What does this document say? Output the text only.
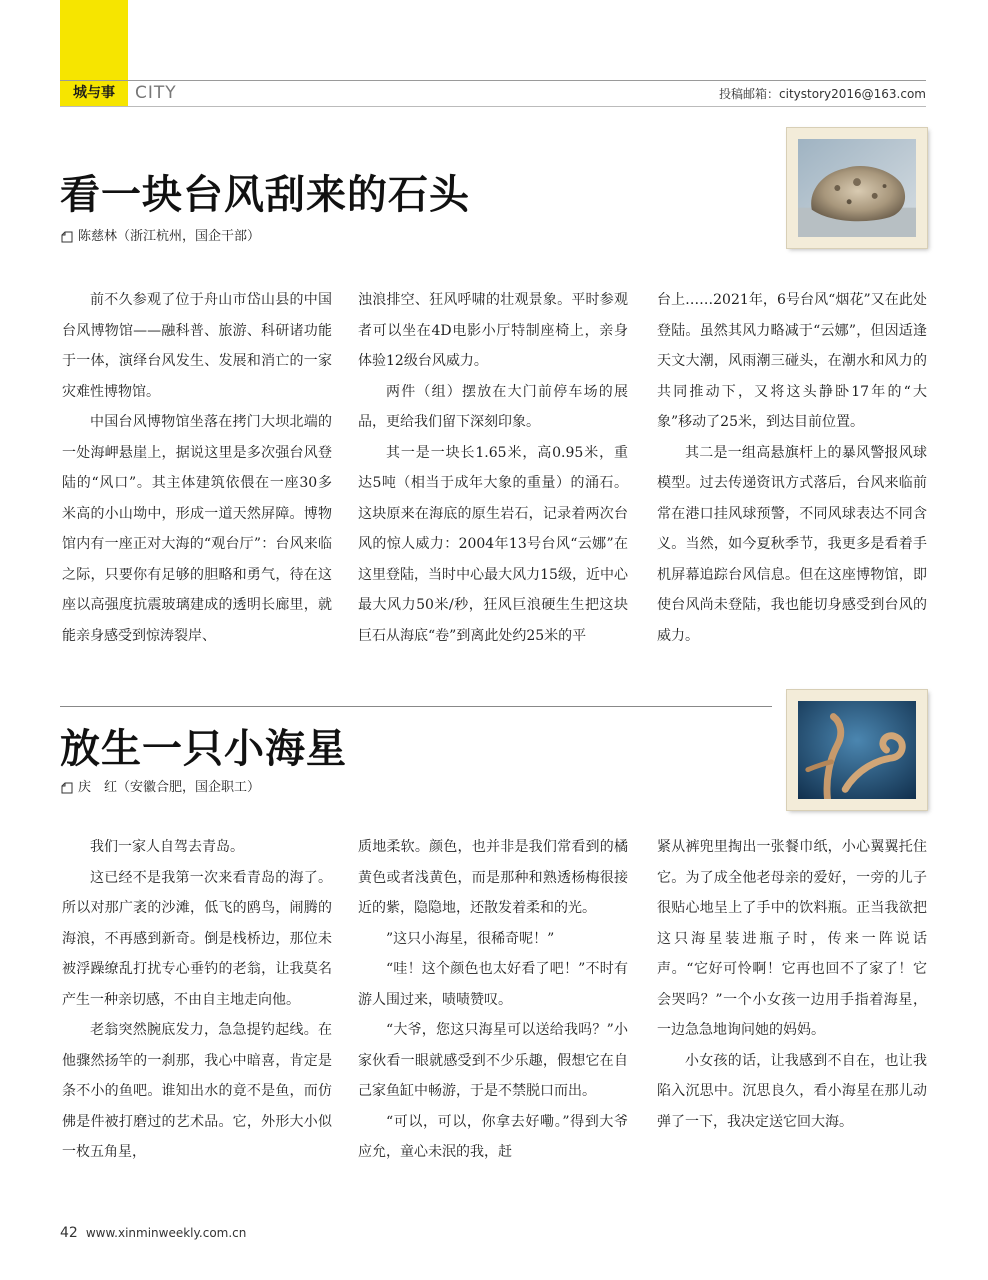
城与事	CITY	投稿邮箱：citystory2016@163.com
看一块台风刮来的石头
陈慈林（浙江杭州，国企干部）

前不久参观了位于舟山市岱山县的中国台风博物馆——融科普、旅游、科研诸功能于一体，演绎台风发生、发展和消亡的一家灾难性博物馆。

中国台风博物馆坐落在拷门大坝北端的一处海岬悬崖上，据说这里是多次强台风登陆的“风口”。其主体建筑依偎在一座30多米高的小山坳中，形成一道天然屏障。博物馆内有一座正对大海的“观台厅”：台风来临之际，只要你有足够的胆略和勇气，待在这座以高强度抗震玻璃建成的透明长廊里，就能亲身感受到惊涛裂岸、

浊浪排空、狂风呼啸的壮观景象。平时参观者可以坐在4D电影小厅特制座椅上，亲身体验12级台风威力。

两件（组）摆放在大门前停车场的展品，更给我们留下深刻印象。

其一是一块长1.65米，高0.95米，重达5吨（相当于成年大象的重量）的涌石。这块原来在海底的原生岩石，记录着两次台风的惊人威力：2004年13号台风“云娜”在这里登陆，当时中心最大风力15级，近中心最大风力50米/秒，狂风巨浪硬生生把这块巨石从海底“卷”到离此处约25米的平

台上……2021年，6号台风“烟花”又在此处登陆。虽然其风力略减于“云娜”，但因适逢天文大潮，风雨潮三碰头，在潮水和风力的共同推动下，又将这头静卧17年的“大象”移动了25米，到达目前位置。

其二是一组高悬旗杆上的暴风警报风球模型。过去传递资讯方式落后，台风来临前常在港口挂风球预警，不同风球表达不同含义。当然，如今夏秋季节，我更多是看着手机屏幕追踪台风信息。但在这座博物馆，即使台风尚未登陆，我也能切身感受到台风的威力。

放生一只小海星
庆　红（安徽合肥，国企职工）

我们一家人自驾去青岛。

这已经不是我第一次来看青岛的海了。所以对那广袤的沙滩，低飞的鸥鸟，闹腾的海浪，不再感到新奇。倒是栈桥边，那位未被浮躁缭乱打扰专心垂钓的老翁，让我莫名产生一种亲切感，不由自主地走向他。

老翁突然腕底发力，急急提钓起线。在他骤然扬竿的一刹那，我心中暗喜，肯定是条不小的鱼吧。谁知出水的竟不是鱼，而仿佛是件被打磨过的艺术品。它，外形大小似一枚五角星，

质地柔软。颜色，也并非是我们常看到的橘黄色或者浅黄色，而是那种和熟透杨梅很接近的紫，隐隐地，还散发着柔和的光。

”这只小海星，很稀奇呢！”

“哇！这个颜色也太好看了吧！”不时有游人围过来，啧啧赞叹。

“大爷，您这只海星可以送给我吗？”小家伙看一眼就感受到不少乐趣，假想它在自己家鱼缸中畅游，于是不禁脱口而出。

“可以，可以，你拿去好嘞。”得到大爷应允，童心未泯的我，赶

紧从裤兜里掏出一张餐巾纸，小心翼翼托住它。为了成全他老母亲的爱好，一旁的儿子很贴心地呈上了手中的饮料瓶。正当我欲把这只海星装进瓶子时，传来一阵说话声。“它好可怜啊！它再也回不了家了！它会哭吗？”一个小女孩一边用手指着海星，一边急急地询问她的妈妈。

小女孩的话，让我感到不自在，也让我陷入沉思中。沉思良久，看小海星在那儿动弹了一下，我决定送它回大海。

42 www.xinminweekly.com.cn
